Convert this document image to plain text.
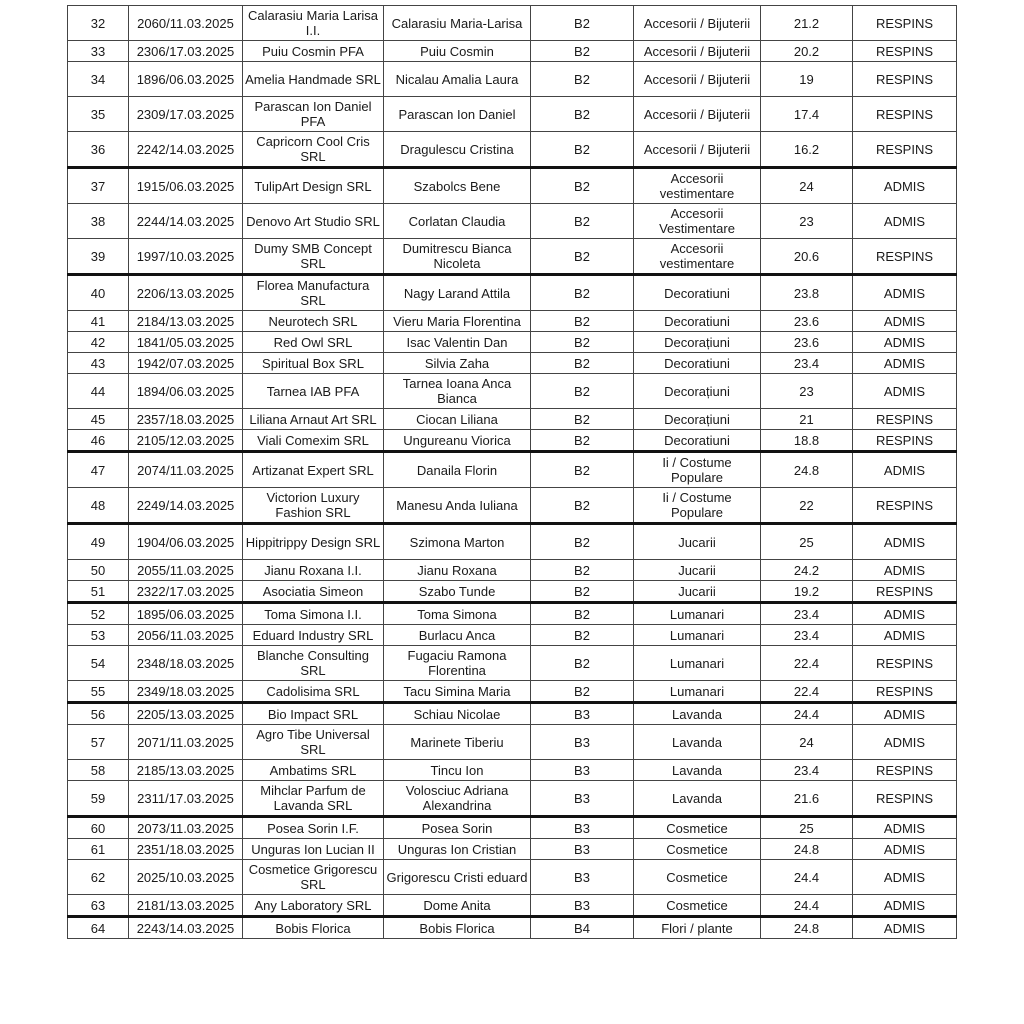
32	2060/11.03.2025	Calarasiu Maria Larisa I.I.	Calarasiu Maria-Larisa	B2	Accesorii / Bijuterii	21.2	RESPINS
33	2306/17.03.2025	Puiu Cosmin PFA	Puiu Cosmin	B2	Accesorii / Bijuterii	20.2	RESPINS
34	1896/06.03.2025	Amelia Handmade SRL	Nicalau Amalia Laura	B2	Accesorii / Bijuterii	19	RESPINS
35	2309/17.03.2025	Parascan Ion Daniel PFA	Parascan Ion Daniel	B2	Accesorii / Bijuterii	17.4	RESPINS
36	2242/14.03.2025	Capricorn Cool Cris SRL	Dragulescu Cristina	B2	Accesorii / Bijuterii	16.2	RESPINS
37	1915/06.03.2025	TulipArt Design SRL	Szabolcs Bene	B2	Accesorii vestimentare	24	ADMIS
38	2244/14.03.2025	Denovo Art Studio SRL	Corlatan Claudia	B2	Accesorii Vestimentare	23	ADMIS
39	1997/10.03.2025	Dumy SMB Concept SRL	Dumitrescu Bianca Nicoleta	B2	Accesorii vestimentare	20.6	RESPINS
40	2206/13.03.2025	Florea Manufactura SRL	Nagy Larand Attila	B2	Decoratiuni	23.8	ADMIS
41	2184/13.03.2025	Neurotech SRL	Vieru Maria Florentina	B2	Decoratiuni	23.6	ADMIS
42	1841/05.03.2025	Red Owl SRL	Isac Valentin Dan	B2	Decorațiuni	23.6	ADMIS
43	1942/07.03.2025	Spiritual Box SRL	Silvia Zaha	B2	Decoratiuni	23.4	ADMIS
44	1894/06.03.2025	Tarnea IAB PFA	Tarnea Ioana Anca Bianca	B2	Decorațiuni	23	ADMIS
45	2357/18.03.2025	Liliana Arnaut Art SRL	Ciocan Liliana	B2	Decorațiuni	21	RESPINS
46	2105/12.03.2025	Viali Comexim SRL	Ungureanu Viorica	B2	Decoratiuni	18.8	RESPINS
47	2074/11.03.2025	Artizanat Expert SRL	Danaila Florin	B2	Ii / Costume Populare	24.8	ADMIS
48	2249/14.03.2025	Victorion Luxury Fashion SRL	Manesu Anda Iuliana	B2	Ii / Costume Populare	22	RESPINS
49	1904/06.03.2025	Hippitrippy Design SRL	Szimona Marton	B2	Jucarii	25	ADMIS
50	2055/11.03.2025	Jianu Roxana I.I.	Jianu Roxana	B2	Jucarii	24.2	ADMIS
51	2322/17.03.2025	Asociatia Simeon	Szabo Tunde	B2	Jucarii	19.2	RESPINS
52	1895/06.03.2025	Toma Simona I.I.	Toma Simona	B2	Lumanari	23.4	ADMIS
53	2056/11.03.2025	Eduard Industry SRL	Burlacu Anca	B2	Lumanari	23.4	ADMIS
54	2348/18.03.2025	Blanche Consulting SRL	Fugaciu Ramona Florentina	B2	Lumanari	22.4	RESPINS
55	2349/18.03.2025	Cadolisima SRL	Tacu Simina Maria	B2	Lumanari	22.4	RESPINS
56	2205/13.03.2025	Bio Impact SRL	Schiau Nicolae	B3	Lavanda	24.4	ADMIS
57	2071/11.03.2025	Agro Tibe Universal SRL	Marinete Tiberiu	B3	Lavanda	24	ADMIS
58	2185/13.03.2025	Ambatims SRL	Tincu Ion	B3	Lavanda	23.4	RESPINS
59	2311/17.03.2025	Mihclar Parfum de Lavanda SRL	Volosciuc Adriana Alexandrina	B3	Lavanda	21.6	RESPINS
60	2073/11.03.2025	Posea Sorin I.F.	Posea Sorin	B3	Cosmetice	25	ADMIS
61	2351/18.03.2025	Unguras Ion Lucian II	Unguras Ion Cristian	B3	Cosmetice	24.8	ADMIS
62	2025/10.03.2025	Cosmetice Grigorescu SRL	Grigorescu Cristi eduard	B3	Cosmetice	24.4	ADMIS
63	2181/13.03.2025	Any Laboratory SRL	Dome Anita	B3	Cosmetice	24.4	ADMIS
64	2243/14.03.2025	Bobis Florica	Bobis Florica	B4	Flori / plante	24.8	ADMIS
